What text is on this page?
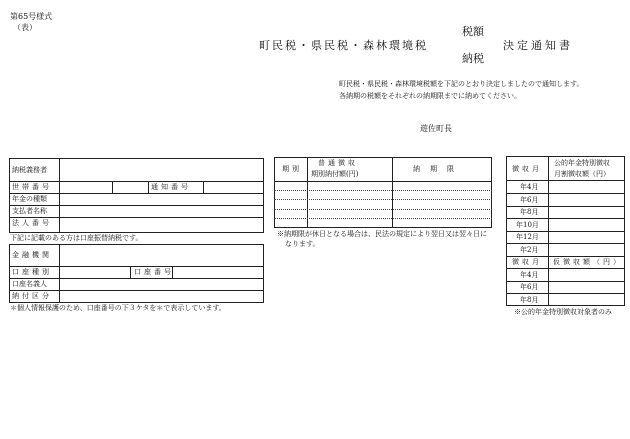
第65号様式
（表）
町民税・県民税・森林環境税
税額
納税
決定通知書
町民税・県民税・森林環境税額を下記のとおり決定しましたので通知します。
各納期の税額をそれぞれの納期限までに納めてください。
遊佐町長
納税義務者
世帯番号	通知番号
年金の種類
支払者名称
法人番号
下記に記載のある方は口座振替納税です。
金融機関
口座種別	口座番号
口座名義人
納付区分
＊個人情報保護のため、口座番号の下３ケタを＊で表示しています。
期別
普通徴収
期別納付額(円)
納期限
※納期限が休日となる場合は、民法の規定により翌日又は翌々日に
なります。
徴収月
公的年金特別徴収
月割徴収額（円）
年4月
年6月
年8月
年10月
年12月
年2月
徴収月 仮徴収額（円）
年4月
年6月
年8月
※公的年金特別徴収対象者のみ
